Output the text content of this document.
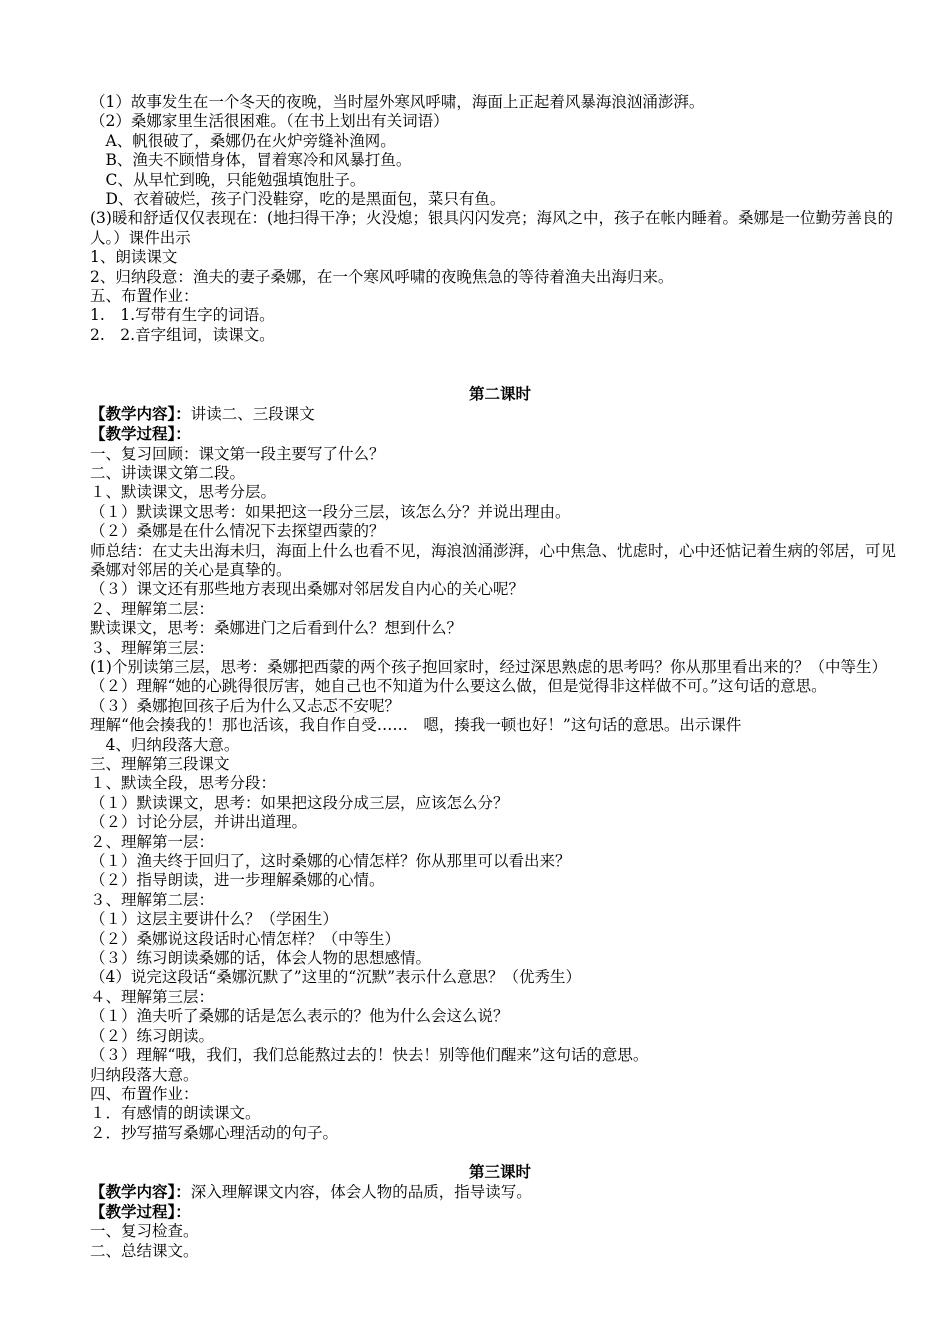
（1）故事发生在一个冬天的夜晚，当时屋外寒风呼啸，海面上正起着风暴海浪汹涌澎湃。
（2）桑娜家里生活很困难。（在书上划出有关词语）
　A、帆很破了，桑娜仍在火炉旁缝补渔网。
　B、渔夫不顾惜身体，冒着寒冷和风暴打鱼。
　C、从早忙到晚，只能勉强填饱肚子。
　D、衣着破烂，孩子门没鞋穿，吃的是黑面包，菜只有鱼。
(3)暖和舒适仅仅表现在：(地扫得干净；火没熄；银具闪闪发亮；海风之中，孩子在帐内睡着。桑娜是一位勤劳善良的人。）课件出示
1、朗读课文
2、归纳段意：渔夫的妻子桑娜，在一个寒风呼啸的夜晚焦急的等待着渔夫出海归来。
五、布置作业：
1.　1.写带有生字的词语。
2.　2.音字组词，读课文。
第二课时
【教学内容】：讲读二、三段课文
【教学过程】：
一、复习回顾：课文第一段主要写了什么？
二、讲读课文第二段。
１、默读课文，思考分层。
（１）默读课文思考：如果把这一段分三层，该怎么分？并说出理由。
（２）桑娜是在什么情况下去探望西蒙的？
师总结：在丈夫出海未归，海面上什么也看不见，海浪汹涌澎湃，心中焦急、忧虑时，心中还惦记着生病的邻居，可见桑娜对邻居的关心是真挚的。
（３）课文还有那些地方表现出桑娜对邻居发自内心的关心呢？
２、理解第二层：
默读课文，思考：桑娜进门之后看到什么？想到什么？
３、理解第三层：
(1)个别读第三层，思考：桑娜把西蒙的两个孩子抱回家时，经过深思熟虑的思考吗？你从那里看出来的？（中等生）
（２）理解“她的心跳得很厉害，她自己也不知道为什么要这么做，但是觉得非这样做不可。”这句话的意思。
（３）桑娜抱回孩子后为什么又忐忑不安呢？
理解“他会揍我的！那也活该，我自作自受……　嗯，揍我一顿也好！”这句话的意思。出示课件
　4、归纳段落大意。
三、理解第三段课文
１、默读全段，思考分段：
（１）默读课文，思考：如果把这段分成三层，应该怎么分？
（２）讨论分层，并讲出道理。
２、理解第一层：
（１）渔夫终于回归了，这时桑娜的心情怎样？你从那里可以看出来？
（２）指导朗读，进一步理解桑娜的心情。
３、理解第二层：
（１）这层主要讲什么？（学困生）
（２）桑娜说这段话时心情怎样？（中等生）
（３）练习朗读桑娜的话，体会人物的思想感情。
（4）说完这段话“桑娜沉默了”这里的“沉默”表示什么意思？（优秀生）
４、理解第三层：
（１）渔夫听了桑娜的话是怎么表示的？他为什么会这么说？
（２）练习朗读。
（３）理解“哦，我们，我们总能熬过去的！快去！别等他们醒来”这句话的意思。
归纳段落大意。
四、布置作业：
１．有感情的朗读课文。
２．抄写描写桑娜心理活动的句子。
第三课时
【教学内容】：深入理解课文内容，体会人物的品质，指导读写。
【教学过程】：
一、复习检查。
二、总结课文。
